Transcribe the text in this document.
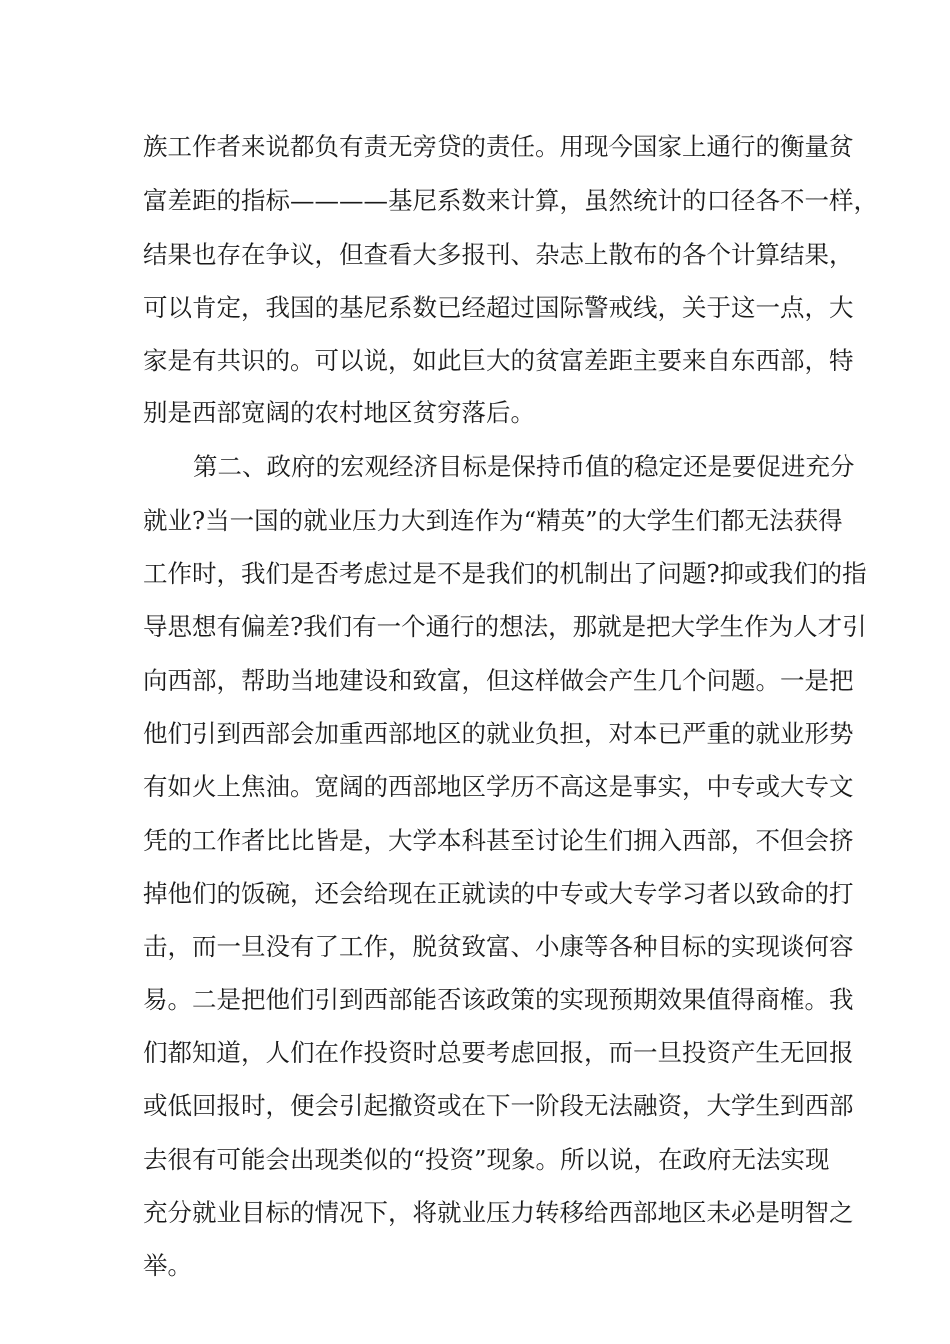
族工作者来说都负有责无旁贷的责任。用现今国家上通行的衡量贫

富差距的指标————基尼系数来计算，虽然统计的口径各不一样，

结果也存在争议，但查看大多报刊、杂志上散布的各个计算结果，

可以肯定，我国的基尼系数已经超过国际警戒线，关于这一点，大

家是有共识的。可以说，如此巨大的贫富差距主要来自东西部，特

别是西部宽阔的农村地区贫穷落后。

第二、政府的宏观经济目标是保持币值的稳定还是要促进充分

就业?当一国的就业压力大到连作为“精英”的大学生们都无法获得

工作时，我们是否考虑过是不是我们的机制出了问题?抑或我们的指

导思想有偏差?我们有一个通行的想法，那就是把大学生作为人才引

向西部，帮助当地建设和致富，但这样做会产生几个问题。一是把

他们引到西部会加重西部地区的就业负担，对本已严重的就业形势

有如火上焦油。宽阔的西部地区学历不高这是事实，中专或大专文

凭的工作者比比皆是，大学本科甚至讨论生们拥入西部，不但会挤

掉他们的饭碗，还会给现在正就读的中专或大专学习者以致命的打

击，而一旦没有了工作，脱贫致富、小康等各种目标的实现谈何容

易。二是把他们引到西部能否该政策的实现预期效果值得商榷。我

们都知道，人们在作投资时总要考虑回报，而一旦投资产生无回报

或低回报时，便会引起撤资或在下一阶段无法融资，大学生到西部

去很有可能会出现类似的“投资”现象。所以说，在政府无法实现

充分就业目标的情况下，将就业压力转移给西部地区未必是明智之

举。
